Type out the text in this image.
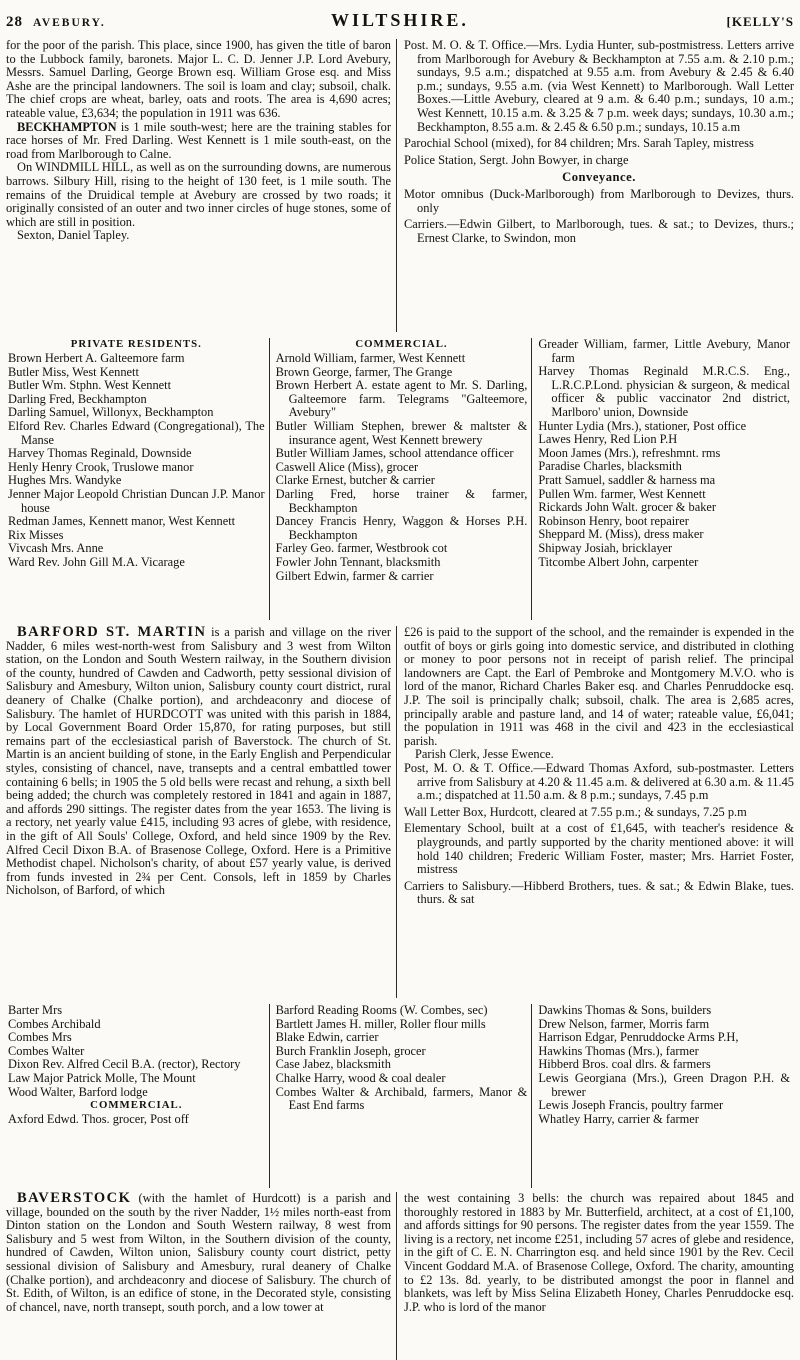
28 AVEBURY.	WILTSHIRE.	[KELLY'S

for the poor of the parish. This place, since 1900, has given the title of baron to the Lubbock family, baronets. Major L. C. D. Jenner J.P. Lord Avebury, Messrs. Samuel Darling, George Brown esq. William Grose esq. and Miss Ashe are the principal landowners. The soil is loam and clay; subsoil, chalk. The chief crops are wheat, barley, oats and roots. The area is 4,690 acres; rateable value, £3,634; the population in 1911 was 636.

BECKHAMPTON is 1 mile south-west; here are the training stables for race horses of Mr. Fred Darling. West Kennett is 1 mile south-east, on the road from Marlborough to Calne.

On WINDMILL HILL, as well as on the surrounding downs, are numerous barrows. Silbury Hill, rising to the height of 130 feet, is 1 mile south. The remains of the Druidical temple at Avebury are crossed by two roads; it originally consisted of an outer and two inner circles of huge stones, some of which are still in position.

Sexton, Daniel Tapley.

Post. M. O. & T. Office.—Mrs. Lydia Hunter, sub-postmistress. Letters arrive from Marlborough for Avebury & Beckhampton at 7.55 a.m. & 2.10 p.m.; sundays, 9.5 a.m.; dispatched at 9.55 a.m. from Avebury & 2.45 & 6.40 p.m.; sundays, 9.55 a.m. (via West Kennett) to Marlborough. Wall Letter Boxes.—Little Avebury, cleared at 9 a.m. & 6.40 p.m.; sundays, 10 a.m.; West Kennett, 10.15 a.m. & 3.25 & 7 p.m. week days; sundays, 10.30 a.m.; Beckhampton, 8.55 a.m. & 2.45 & 6.50 p.m.; sundays, 10.15 a.m

Parochial School (mixed), for 84 children; Mrs. Sarah Tapley, mistress

Police Station, Sergt. John Bowyer, in charge

Conveyance.

Motor omnibus (Duck-Marlborough) from Marlborough to Devizes, thurs. only

Carriers.—Edwin Gilbert, to Marlborough, tues. & sat.; to Devizes, thurs.; Ernest Clarke, to Swindon, mon

PRIVATE RESIDENTS.

Brown Herbert A. Galteemore farm

Butler Miss, West Kennett

Butler Wm. Stphn. West Kennett

Darling Fred, Beckhampton

Darling Samuel, Willonyx, Beckhampton

Elford Rev. Charles Edward (Congregational), The Manse

Harvey Thomas Reginald, Downside

Henly Henry Crook, Truslowe manor

Hughes Mrs. Wandyke

Jenner Major Leopold Christian Duncan J.P. Manor house

Redman James, Kennett manor, West Kennett

Rix Misses

Vivcash Mrs. Anne

Ward Rev. John Gill M.A. Vicarage

COMMERCIAL.

Arnold William, farmer, West Kennett

Brown George, farmer, The Grange

Brown Herbert A. estate agent to Mr. S. Darling, Galteemore farm. Telegrams "Galteemore, Avebury"

Butler William Stephen, brewer & maltster & insurance agent, West Kennett brewery

Butler William James, school attendance officer

Caswell Alice (Miss), grocer

Clarke Ernest, butcher & carrier

Darling Fred, horse trainer & farmer, Beckhampton

Dancey Francis Henry, Waggon & Horses P.H. Beckhampton

Farley Geo. farmer, Westbrook cot

Fowler John Tennant, blacksmith

Gilbert Edwin, farmer & carrier

Greader William, farmer, Little Avebury, Manor farm

Harvey Thomas Reginald M.R.C.S. Eng., L.R.C.P.Lond. physician & surgeon, & medical officer & public vaccinator 2nd district, Marlboro' union, Downside

Hunter Lydia (Mrs.), stationer, Post office

Lawes Henry, Red Lion P.H

Moon James (Mrs.), refreshmnt. rms

Paradise Charles, blacksmith

Pratt Samuel, saddler & harness ma

Pullen Wm. farmer, West Kennett

Rickards John Walt. grocer & baker

Robinson Henry, boot repairer

Sheppard M. (Miss), dress maker

Shipway Josiah, bricklayer

Titcombe Albert John, carpenter

BARFORD ST. MARTIN is a parish and village on the river Nadder, 6 miles west-north-west from Salisbury and 3 west from Wilton station, on the London and South Western railway, in the Southern division of the county, hundred of Cawden and Cadworth, petty sessional division of Salisbury and Amesbury, Wilton union, Salisbury county court district, rural deanery of Chalke (Chalke portion), and archdeaconry and diocese of Salisbury. The hamlet of HURDCOTT was united with this parish in 1884, by Local Government Board Order 15,870, for rating purposes, but still remains part of the ecclesiastical parish of Baverstock. The church of St. Martin is an ancient building of stone, in the Early English and Perpendicular styles, consisting of chancel, nave, transepts and a central embattled tower containing 6 bells; in 1905 the 5 old bells were recast and rehung, a sixth bell being added; the church was completely restored in 1841 and again in 1887, and affords 290 sittings. The register dates from the year 1653. The living is a rectory, net yearly value £415, including 93 acres of glebe, with residence, in the gift of All Souls' College, Oxford, and held since 1909 by the Rev. Alfred Cecil Dixon B.A. of Brasenose College, Oxford. Here is a Primitive Methodist chapel. Nicholson's charity, of about £57 yearly value, is derived from funds invested in 2¾ per Cent. Consols, left in 1859 by Charles Nicholson, of Barford, of which

£26 is paid to the support of the school, and the remainder is expended in the outfit of boys or girls going into domestic service, and distributed in clothing or money to poor persons not in receipt of parish relief. The principal landowners are Capt. the Earl of Pembroke and Montgomery M.V.O. who is lord of the manor, Richard Charles Baker esq. and Charles Penruddocke esq. J.P. The soil is principally chalk; subsoil, chalk. The area is 2,685 acres, principally arable and pasture land, and 14 of water; rateable value, £6,041; the population in 1911 was 468 in the civil and 423 in the ecclesiastical parish.

Parish Clerk, Jesse Ewence.

Post, M. O. & T. Office.—Edward Thomas Axford, sub-postmaster. Letters arrive from Salisbury at 4.20 & 11.45 a.m. & delivered at 6.30 a.m. & 11.45 a.m.; dispatched at 11.50 a.m. & 8 p.m.; sundays, 7.45 p.m

Wall Letter Box, Hurdcott, cleared at 7.55 p.m.; & sundays, 7.25 p.m

Elementary School, built at a cost of £1,645, with teacher's residence & playgrounds, and partly supported by the charity mentioned above: it will hold 140 children; Frederic William Foster, master; Mrs. Harriet Foster, mistress

Carriers to Salisbury.—Hibberd Brothers, tues. & sat.; & Edwin Blake, tues. thurs. & sat

Barter Mrs

Combes Archibald

Combes Mrs

Combes Walter

Dixon Rev. Alfred Cecil B.A. (rector), Rectory

Law Major Patrick Molle, The Mount

Wood Walter, Barford lodge

COMMERCIAL.

Axford Edwd. Thos. grocer, Post off

Barford Reading Rooms (W. Combes, sec)

Bartlett James H. miller, Roller flour mills

Blake Edwin, carrier

Burch Franklin Joseph, grocer

Case Jabez, blacksmith

Chalke Harry, wood & coal dealer

Combes Walter & Archibald, farmers, Manor & East End farms

Dawkins Thomas & Sons, builders

Drew Nelson, farmer, Morris farm

Harrison Edgar, Penruddocke Arms P.H,

Hawkins Thomas (Mrs.), farmer

Hibberd Bros. coal dlrs. & farmers

Lewis Georgiana (Mrs.), Green Dragon P.H. & brewer

Lewis Joseph Francis, poultry farmer

Whatley Harry, carrier & farmer

BAVERSTOCK (with the hamlet of Hurdcott) is a parish and village, bounded on the south by the river Nadder, 1½ miles north-east from Dinton station on the London and South Western railway, 8 west from Salisbury and 5 west from Wilton, in the Southern division of the county, hundred of Cawden, Wilton union, Salisbury county court district, petty sessional division of Salisbury and Amesbury, rural deanery of Chalke (Chalke portion), and archdeaconry and diocese of Salisbury. The church of St. Edith, of Wilton, is an edifice of stone, in the Decorated style, consisting of chancel, nave, north transept, south porch, and a low tower at

the west containing 3 bells: the church was repaired about 1845 and thoroughly restored in 1883 by Mr. Butterfield, architect, at a cost of £1,100, and affords sittings for 90 persons. The register dates from the year 1559. The living is a rectory, net income £251, including 57 acres of glebe and residence, in the gift of C. E. N. Charrington esq. and held since 1901 by the Rev. Cecil Vincent Goddard M.A. of Brasenose College, Oxford. The charity, amounting to £2 13s. 8d. yearly, to be distributed amongst the poor in flannel and blankets, was left by Miss Selina Elizabeth Honey, Charles Penruddocke esq. J.P. who is lord of the manor
